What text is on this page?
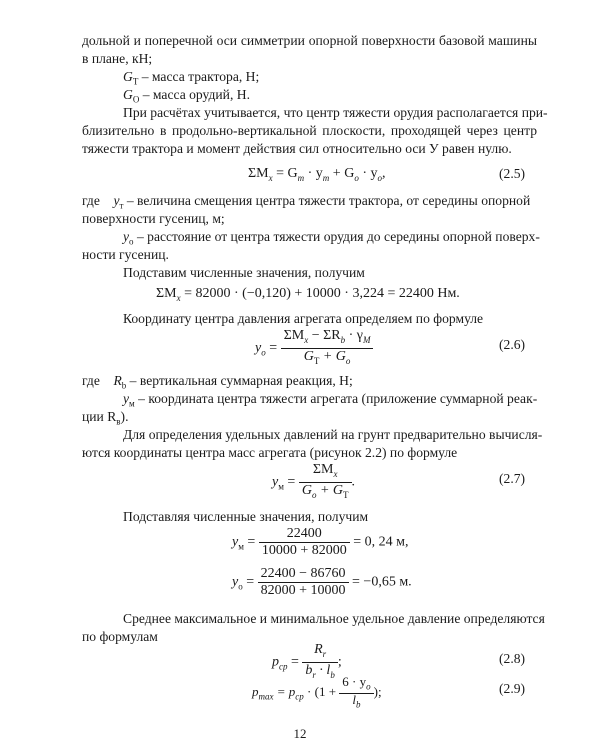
дольной и поперечной оси симметрии опорной поверхности базовой машины
в плане, кН;
$G_Т$ – масса трактора, Н;
$G_О$ – масса орудий, Н.
При расчётах учитывается, что центр тяжести орудия располагается при-
близительно в продольно-вертикальной плоскости, проходящей через центр
тяжести трактора и момент действия сил относительно оси У равен нулю.
$\Sigma M_x = G_m \cdot y_m + G_o \cdot y_o$,	(2.5)
где $y_т$ – величина смещения центра тяжести трактора, от середины опорной
поверхности гусениц, м;
$y_о$ – расстояние от центра тяжести орудия до середины опорной поверх-
ности гусениц.
Подставим численные значения, получим
$\Sigma M_x = 82000 \cdot (-0,120) + 10000 \cdot 3,224 = 22400$ Нм.
Координату центра давления агрегата определяем по формуле
$y_о = \frac{\Sigma M_x - \Sigma R_b \cdot \gamma_M}{G_Т + G_o}$	(2.6)
где $R_b$ – вертикальная суммарная реакция, Н;
$y_м$ – координата центра тяжести агрегата (приложение суммарной реак-
ции $R_в$).
Для определения удельных давлений на грунт предварительно вычисля-
ются координаты центра масс агрегата (рисунок 2.2) по формуле
$y_м = \frac{\Sigma M_x}{G_o + G_Т}$ .	(2.7)
Подставляя численные значения, получим
$y_м = \frac{22400}{10000 + 82000} = 0$, 24 м,
$y_о = \frac{22400 - 86760}{82000 + 10000} = -0,65$ м.
Среднее максимальное и минимальное удельное давление определяются
по формулам
$p_{cp} = \frac{R_r}{b_r \cdot l_b}$ ;	(2.8)
$p_{max} = p_{cp} \cdot (1 + \frac{6 \cdot y_o}{l_b}$ );	(2.9)
12
